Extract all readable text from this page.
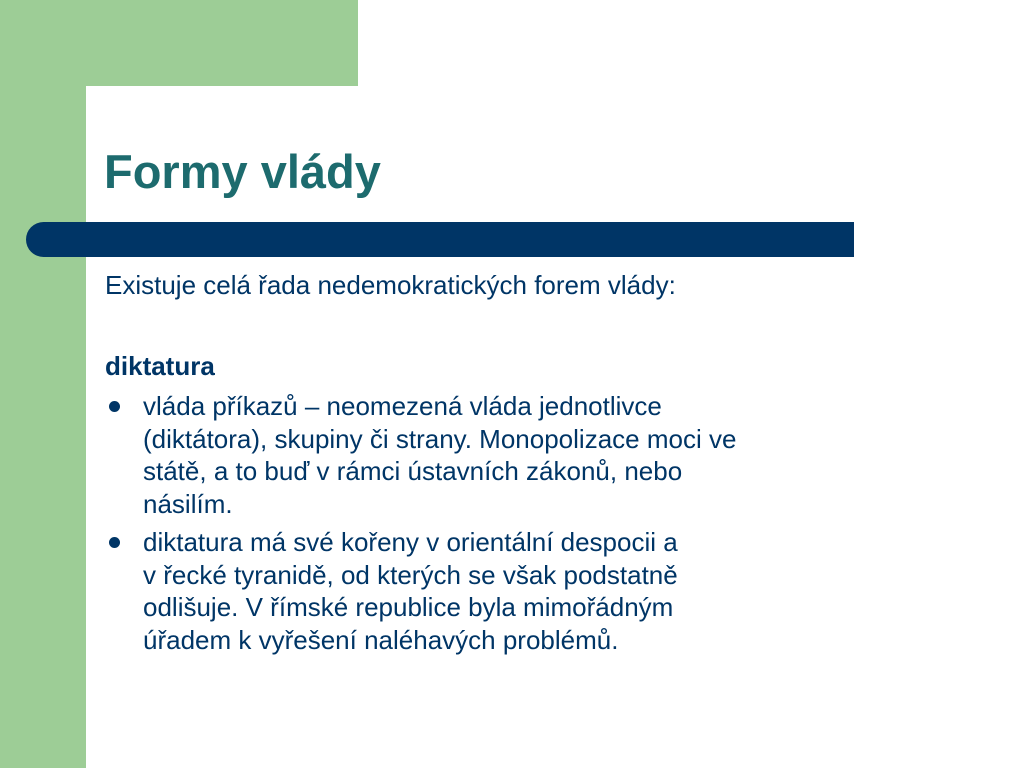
Formy vlády
Existuje celá řada nedemokratických forem vlády:
diktatura
vláda příkazů – neomezená vláda jednotlivce
(diktátora), skupiny či strany. Monopolizace moci ve
státě, a to buď v rámci ústavních zákonů, nebo
násilím.
diktatura má své kořeny v orientální despocii a
v řecké tyranidě, od kterých se však podstatně
odlišuje. V římské republice byla mimořádným
úřadem k vyřešení naléhavých problémů.
